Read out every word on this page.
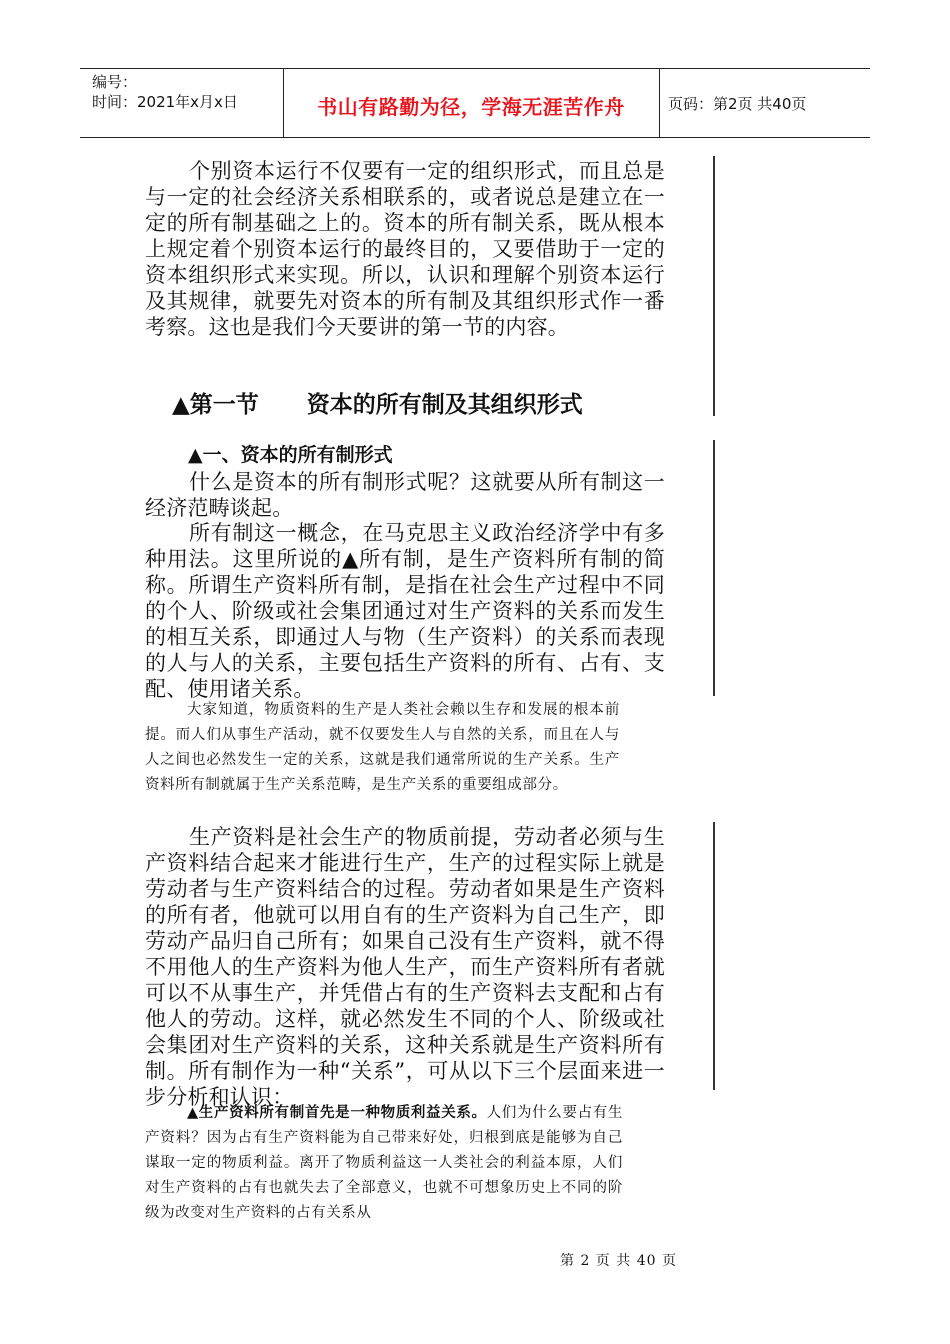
编号：
时间：2021年x月x日	书山有路勤为径，学海无涯苦作舟	页码：第2页 共40页

个别资本运行不仅要有一定的组织形式，而且总是与一定的社会经济关系相联系的，或者说总是建立在一定的所有制基础之上的。资本的所有制关系，既从根本上规定着个别资本运行的最终目的，又要借助于一定的资本组织形式来实现。所以，认识和理解个别资本运行及其规律，就要先对资本的所有制及其组织形式作一番考察。这也是我们今天要讲的第一节的内容。

▲第一节      资本的所有制及其组织形式
▲一、资本的所有制形式

什么是资本的所有制形式呢？这就要从所有制这一经济范畴谈起。

所有制这一概念，在马克思主义政治经济学中有多种用法。这里所说的▲所有制，是生产资料所有制的简称。所谓生产资料所有制，是指在社会生产过程中不同的个人、阶级或社会集团通过对生产资料的关系而发生的相互关系，即通过人与物（生产资料）的关系而表现的人与人的关系，主要包括生产资料的所有、占有、支配、使用诸关系。

大家知道，物质资料的生产是人类社会赖以生存和发展的根本前提。而人们从事生产活动，就不仅要发生人与自然的关系，而且在人与人之间也必然发生一定的关系，这就是我们通常所说的生产关系。生产资料所有制就属于生产关系范畴，是生产关系的重要组成部分。

生产资料是社会生产的物质前提，劳动者必须与生产资料结合起来才能进行生产，生产的过程实际上就是劳动者与生产资料结合的过程。劳动者如果是生产资料的所有者，他就可以用自有的生产资料为自己生产，即劳动产品归自己所有；如果自己没有生产资料，就不得不用他人的生产资料为他人生产，而生产资料所有者就可以不从事生产，并凭借占有的生产资料去支配和占有他人的劳动。这样，就必然发生不同的个人、阶级或社会集团对生产资料的关系，这种关系就是生产资料所有制。所有制作为一种“关系”，可从以下三个层面来进一步分析和认识：

▲生产资料所有制首先是一种物质利益关系。人们为什么要占有生产资料？因为占有生产资料能为自己带来好处，归根到底是能够为自己谋取一定的物质利益。离开了物质利益这一人类社会的利益本原，人们对生产资料的占有也就失去了全部意义，也就不可想象历史上不同的阶级为改变对生产资料的占有关系从

第 2 页 共 40 页
